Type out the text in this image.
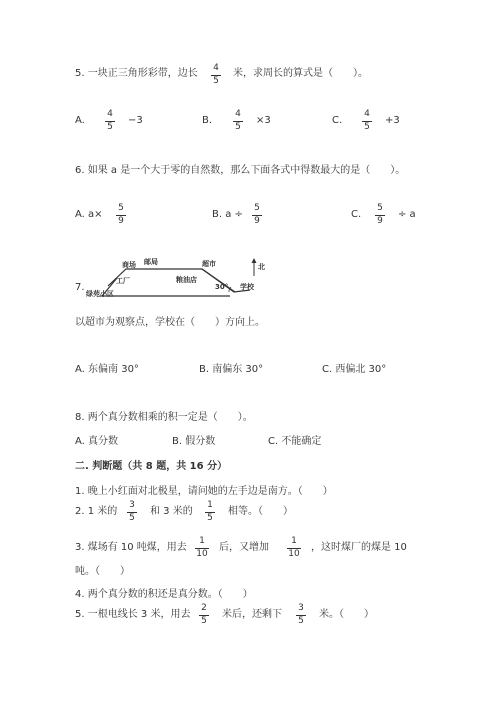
5. 一块正三角形彩带，边长	4
5
米，求周长的算式是（　　）。
A.
4
5
−3	B.
4
5
×3	C.
4
5
+3
6. 如果 a 是一个大于零的自然数，那么下面各式中得数最大的是（　　）。
A. a×
5
9
B. a ÷
5
9
C.
5
9
÷ a
7.
商场 邮局
粮油店
超市	北
工厂
30° 学校
绿苑小区
以超市为观察点，学校在（　　）方向上。
A. 东偏南 30°	B. 南偏东 30°	C. 西偏北 30°
8. 两个真分数相乘的积一定是（　　）。
A. 真分数	B. 假分数	C. 不能确定
二. 判断题（共 8 题，共 16 分）
1. 晚上小红面对北极星，请问她的左手边是南方。（　　）
2. 1 米的
3
5
和 3 米的
1
5
相等。（　　）
3. 煤场有 10 吨煤，用去
1
10
后，又增加
1
10
，这时煤厂的煤是 10
吨。（　　）
4. 两个真分数的积还是真分数。（　　）
5. 一根电线长 3 米，用去
2
5
米后，还剩下
3
5
米。（　　）
